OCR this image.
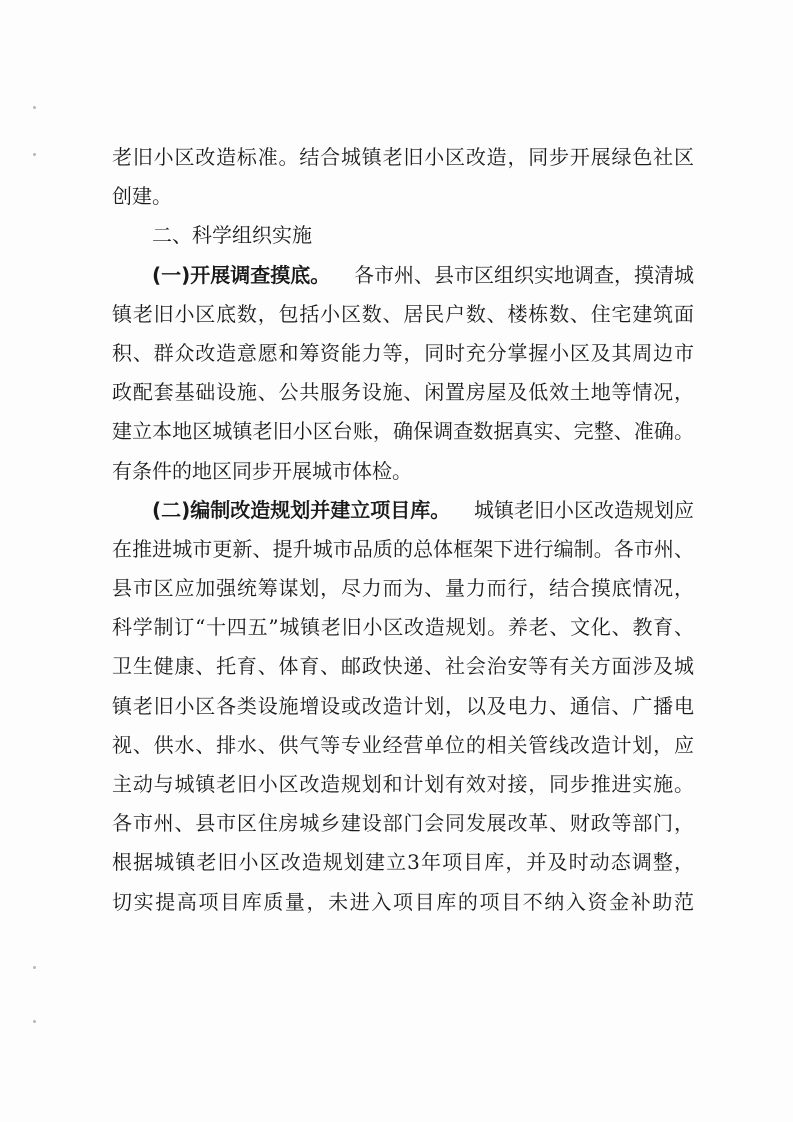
老旧小区改造标准。结合城镇老旧小区改造，同步开展绿色社区
创建。
二、科学组织实施
(一)开展调查摸底。 各市州、县市区组织实地调查，摸清城
镇老旧小区底数，包括小区数、居民户数、楼栋数、住宅建筑面
积、群众改造意愿和筹资能力等，同时充分掌握小区及其周边市
政配套基础设施、公共服务设施、闲置房屋及低效土地等情况，
建立本地区城镇老旧小区台账，确保调查数据真实、完整、准确。
有条件的地区同步开展城市体检。
(二)编制改造规划并建立项目库。 城镇老旧小区改造规划应
在推进城市更新、提升城市品质的总体框架下进行编制。各市州、
县市区应加强统筹谋划，尽力而为、量力而行，结合摸底情况，
科学制订“十四五”城镇老旧小区改造规划。养老、文化、教育、
卫生健康、托育、体育、邮政快递、社会治安等有关方面涉及城
镇老旧小区各类设施增设或改造计划，以及电力、通信、广播电
视、供水、排水、供气等专业经营单位的相关管线改造计划，应
主动与城镇老旧小区改造规划和计划有效对接，同步推进实施。
各市州、县市区住房城乡建设部门会同发展改革、财政等部门，
根据城镇老旧小区改造规划建立3年项目库，并及时动态调整，
切实提高项目库质量，未进入项目库的项目不纳入资金补助范
